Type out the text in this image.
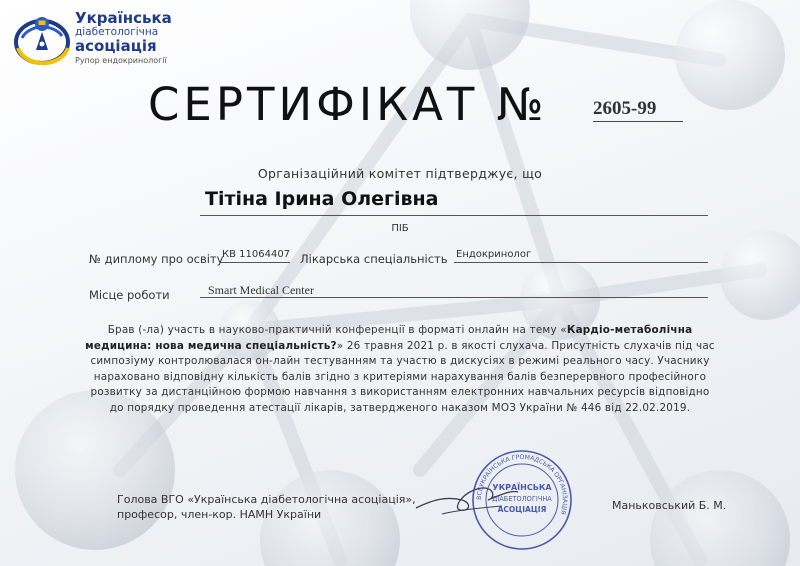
Українська
діабетологічна
асоціація
Рупор ендокринології
СЕРТИФІКАТ № 2605-99
Організаційний комітет підтверджує, що
Тітіна Ірина Олегівна
ПІБ
№ диплому про освіту
КВ 11064407 Лікарська спеціальність Ендокринолог
Місце роботи	Smart Medical Center
Брав (-ла) участь в науково-практичній конференції в форматі онлайн на тему «Кардіо-метаболічна медицина: нова медична спеціальність?» 26 травня 2021 р. в якості слухача. Присутність слухачів під час симпозіуму контролювалася он-лайн тестуванням та участю в дискусіях в режимі реального часу. Учаснику нараховано відповідну кількість балів згідно з критеріями нарахування балів безперервного професійного розвитку за дистанційною формою навчання з використанням електронних навчальних ресурсів відповідно до порядку проведення атестації лікарів, затвердженого наказом МОЗ України № 446 від 22.02.2019.
Голова ВГО «Українська діабетологічна асоціація»,
професор, член-кор. НАМН України
ВСЕУКРАЇНСЬКА ГРОМАДСЬКА ОРГАНІЗАЦІЯ
УКРАЇНСЬКА
ДІАБЕТОЛОГІЧНА
АСОЦІАЦІЯ	Маньковський Б. М.
